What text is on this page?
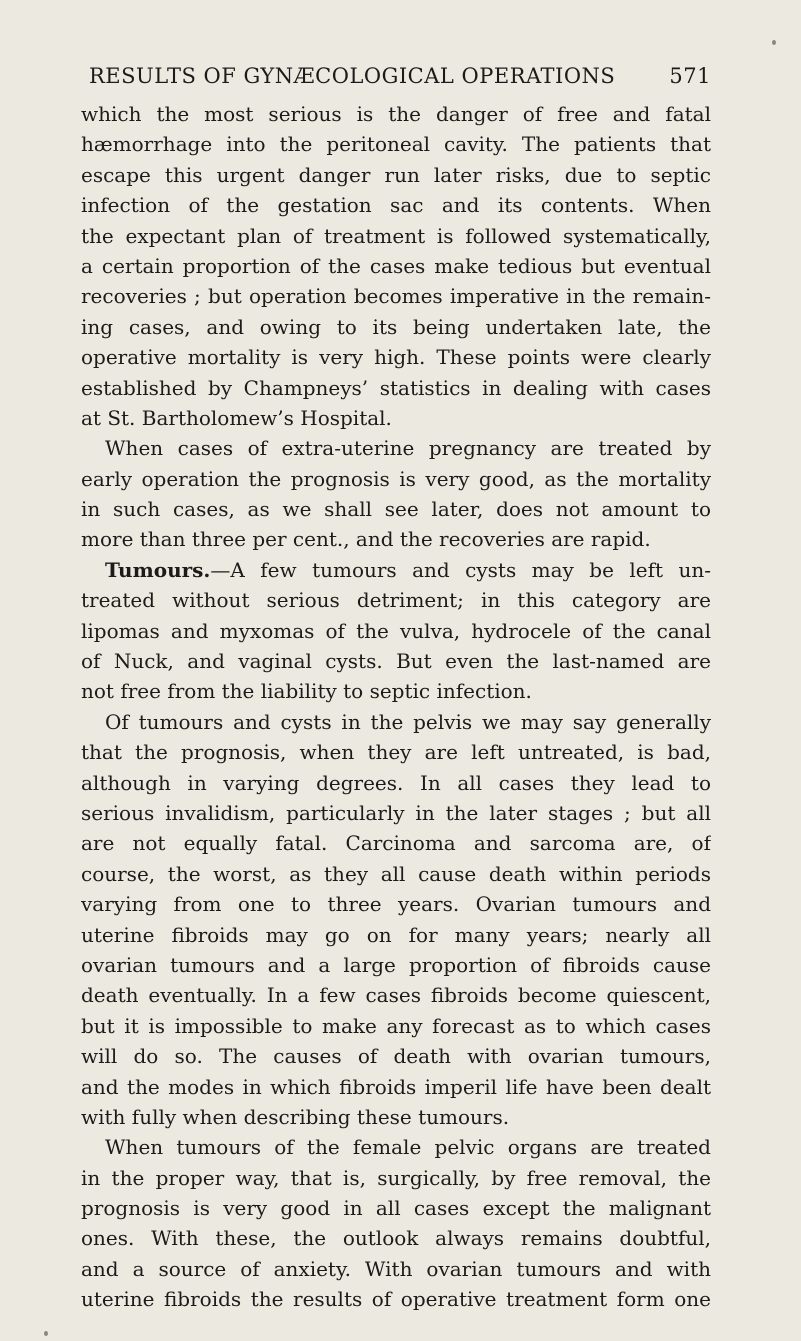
RESULTS OF GYNÆCOLOGICAL OPERATIONS	571
which the most serious is the danger of free and fatal
hæmorrhage into the peritoneal cavity. The patients that
escape this urgent danger run later risks, due to septic
infection of the gestation sac and its contents. When
the expectant plan of treatment is followed systematically,
a certain proportion of the cases make tedious but eventual
recoveries ; but operation becomes imperative in the remain-
ing cases, and owing to its being undertaken late, the
operative mortality is very high. These points were clearly
established by Champneys’ statistics in dealing with cases
at St. Bartholomew’s Hospital.
When cases of extra-uterine pregnancy are treated by
early operation the prognosis is very good, as the mortality
in such cases, as we shall see later, does not amount to
more than three per cent., and the recoveries are rapid.
Tumours.—A few tumours and cysts may be left un-
treated without serious detriment; in this category are
lipomas and myxomas of the vulva, hydrocele of the canal
of Nuck, and vaginal cysts. But even the last-named are
not free from the liability to septic infection.
Of tumours and cysts in the pelvis we may say generally
that the prognosis, when they are left untreated, is bad,
although in varying degrees. In all cases they lead to
serious invalidism, particularly in the later stages ; but all
are not equally fatal. Carcinoma and sarcoma are, of
course, the worst, as they all cause death within periods
varying from one to three years. Ovarian tumours and
uterine fibroids may go on for many years; nearly all
ovarian tumours and a large proportion of fibroids cause
death eventually. In a few cases fibroids become quiescent,
but it is impossible to make any forecast as to which cases
will do so. The causes of death with ovarian tumours,
and the modes in which fibroids imperil life have been dealt
with fully when describing these tumours.
When tumours of the female pelvic organs are treated
in the proper way, that is, surgically, by free removal, the
prognosis is very good in all cases except the malignant
ones. With these, the outlook always remains doubtful,
and a source of anxiety. With ovarian tumours and with
uterine fibroids the results of operative treatment form one
